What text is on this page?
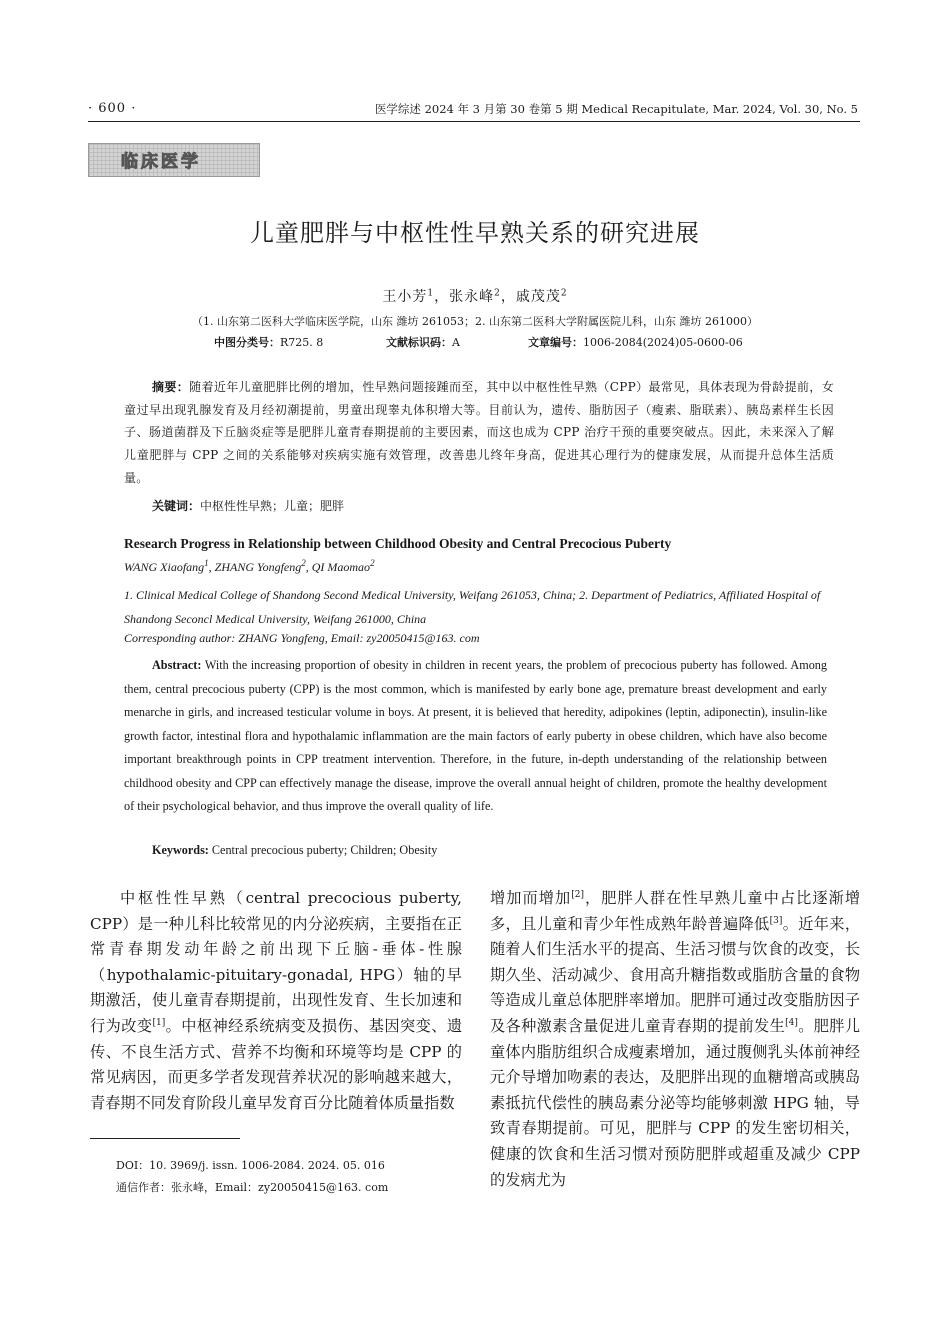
· 600 ·	医学综述 2024 年 3 月第 30 卷第 5 期 Medical Recapitulate, Mar. 2024, Vol. 30, No. 5
临床医学
儿童肥胖与中枢性性早熟关系的研究进展
王小芳$^1$，张永峰$^2$，戚茂茂$^2$
（1. 山东第二医科大学临床医学院，山东 潍坊 261053；2. 山东第二医科大学附属医院儿科，山东 潍坊 261000）
中图分类号：R725. 8	文献标识码：A	文章编号：1006-2084(2024)05-0600-06
摘要：随着近年儿童肥胖比例的增加，性早熟问题接踵而至，其中以中枢性性早熟（CPP）最常见，具体表现为骨龄提前，女童过早出现乳腺发育及月经初潮提前，男童出现睾丸体积增大等。目前认为，遗传、脂肪因子（瘦素、脂联素）、胰岛素样生长因子、肠道菌群及下丘脑炎症等是肥胖儿童青春期提前的主要因素，而这也成为 CPP 治疗干预的重要突破点。因此，未来深入了解儿童肥胖与 CPP 之间的关系能够对疾病实施有效管理，改善患儿终年身高，促进其心理行为的健康发展，从而提升总体生活质量。
关键词：中枢性性早熟；儿童；肥胖
Research Progress in Relationship between Childhood Obesity and Central Precocious Puberty
WANG Xiaofang$^1$, ZHANG Yongfeng$^2$, QI Maomao$^2$
1. Clinical Medical College of Shandong Second Medical University, Weifang 261053, China; 2. Department of Pediatrics, Affiliated Hospital of Shandong Seconcl Medical University, Weifang 261000, China
Corresponding author: ZHANG Yongfeng, Email: zy20050415@163. com
Abstract: With the increasing proportion of obesity in children in recent years, the problem of precocious puberty has followed. Among them, central precocious puberty (CPP) is the most common, which is manifested by early bone age, premature breast development and early menarche in girls, and increased testicular volume in boys. At present, it is believed that heredity, adipokines (leptin, adiponectin), insulin-like growth factor, intestinal flora and hypothalamic inflammation are the main factors of early puberty in obese children, which have also become important breakthrough points in CPP treatment intervention. Therefore, in the future, in-depth understanding of the relationship between childhood obesity and CPP can effectively manage the disease, improve the overall annual height of children, promote the healthy development of their psychological behavior, and thus improve the overall quality of life.
Keywords: Central precocious puberty; Children; Obesity
中枢性性早熟（central precocious puberty, CPP）是一种儿科比较常见的内分泌疾病，主要指在正常青春期发动年龄之前出现下丘脑-垂体-性腺（hypothalamic-pituitary-gonadal, HPG）轴的早期激活，使儿童青春期提前，出现性发育、生长加速和行为改变[1]。中枢神经系统病变及损伤、基因突变、遗传、不良生活方式、营养不均衡和环境等均是 CPP 的常见病因，而更多学者发现营养状况的影响越来越大，青春期不同发育阶段儿童早发育百分比随着体质量指数
增加而增加[2]，肥胖人群在性早熟儿童中占比逐渐增多，且儿童和青少年性成熟年龄普遍降低[3]。近年来，随着人们生活水平的提高、生活习惯与饮食的改变，长期久坐、活动减少、食用高升糖指数或脂肪含量的食物等造成儿童总体肥胖率增加。肥胖可通过改变脂肪因子及各种激素含量促进儿童青春期的提前发生[4]。肥胖儿童体内脂肪组织合成瘦素增加，通过腹侧乳头体前神经元介导增加吻素的表达，及肥胖出现的血糖增高或胰岛素抵抗代偿性的胰岛素分泌等均能够刺激 HPG 轴，导致青春期提前。可见，肥胖与 CPP 的发生密切相关，健康的饮食和生活习惯对预防肥胖或超重及减少 CPP 的发病尤为
DOI：10. 3969/j. issn. 1006-2084. 2024. 05. 016
通信作者：张永峰，Email：zy20050415@163. com
